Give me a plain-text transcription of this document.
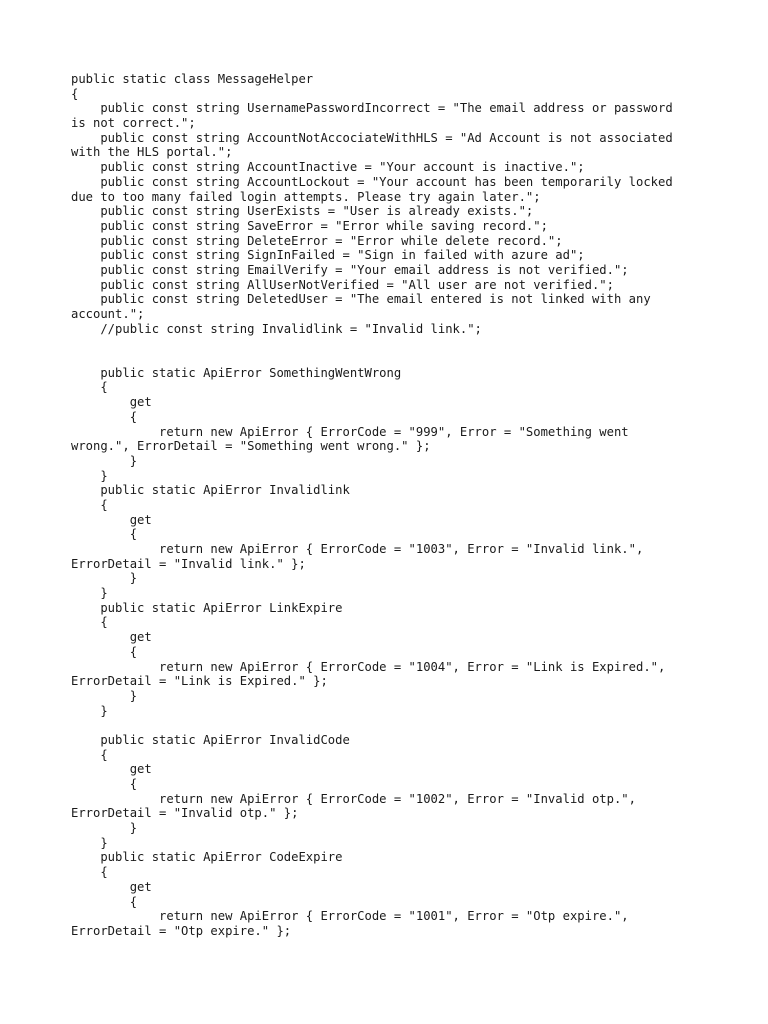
public static class MessageHelper
{
public const string UsernamePasswordIncorrect = "The email address or password
is not correct.";
public const string AccountNotAccociateWithHLS = "Ad Account is not associated
with the HLS portal.";
public const string AccountInactive = "Your account is inactive.";
public const string AccountLockout = "Your account has been temporarily locked
due to too many failed login attempts. Please try again later.";
public const string UserExists = "User is already exists.";
public const string SaveError = "Error while saving record.";
public const string DeleteError = "Error while delete record.";
public const string SignInFailed = "Sign in failed with azure ad";
public const string EmailVerify = "Your email address is not verified.";
public const string AllUserNotVerified = "All user are not verified.";
public const string DeletedUser = "The email entered is not linked with any
account.";
//public const string Invalidlink = "Invalid link.";
public static ApiError SomethingWentWrong
{
get
{
return new ApiError { ErrorCode = "999", Error = "Something went
wrong.", ErrorDetail = "Something went wrong." };
}
}
public static ApiError Invalidlink
{
get
{
return new ApiError { ErrorCode = "1003", Error = "Invalid link.",
ErrorDetail = "Invalid link." };
}
}
public static ApiError LinkExpire
{
get
{
return new ApiError { ErrorCode = "1004", Error = "Link is Expired.",
ErrorDetail = "Link is Expired." };
}
}
public static ApiError InvalidCode
{
get
{
return new ApiError { ErrorCode = "1002", Error = "Invalid otp.",
ErrorDetail = "Invalid otp." };
}
}
public static ApiError CodeExpire
{
get
{
return new ApiError { ErrorCode = "1001", Error = "Otp expire.",
ErrorDetail = "Otp expire." };
